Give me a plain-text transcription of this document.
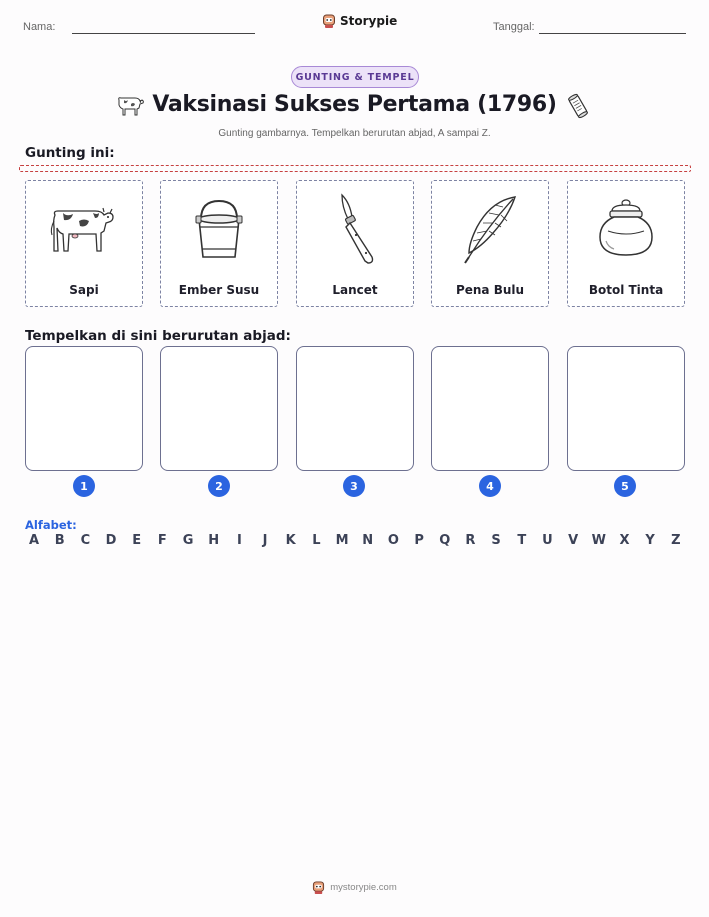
Nama:	Storypie	Tanggal:
GUNTING & TEMPEL
Vaksinasi Sukses Pertama (1796)
Gunting gambarnya. Tempelkan berurutan abjad, A sampai Z.
Gunting ini:
Sapi	Ember Susu	Lancet	Pena Bulu	Botol Tinta
Tempelkan di sini berurutan abjad:
1	2	3	4	5
Alfabet:
A	B	C	D	E	F	G H	I	J	K	L	M N O	P	Q	R	S	T	U	V	W	X	Y	Z
mystorypie.com
